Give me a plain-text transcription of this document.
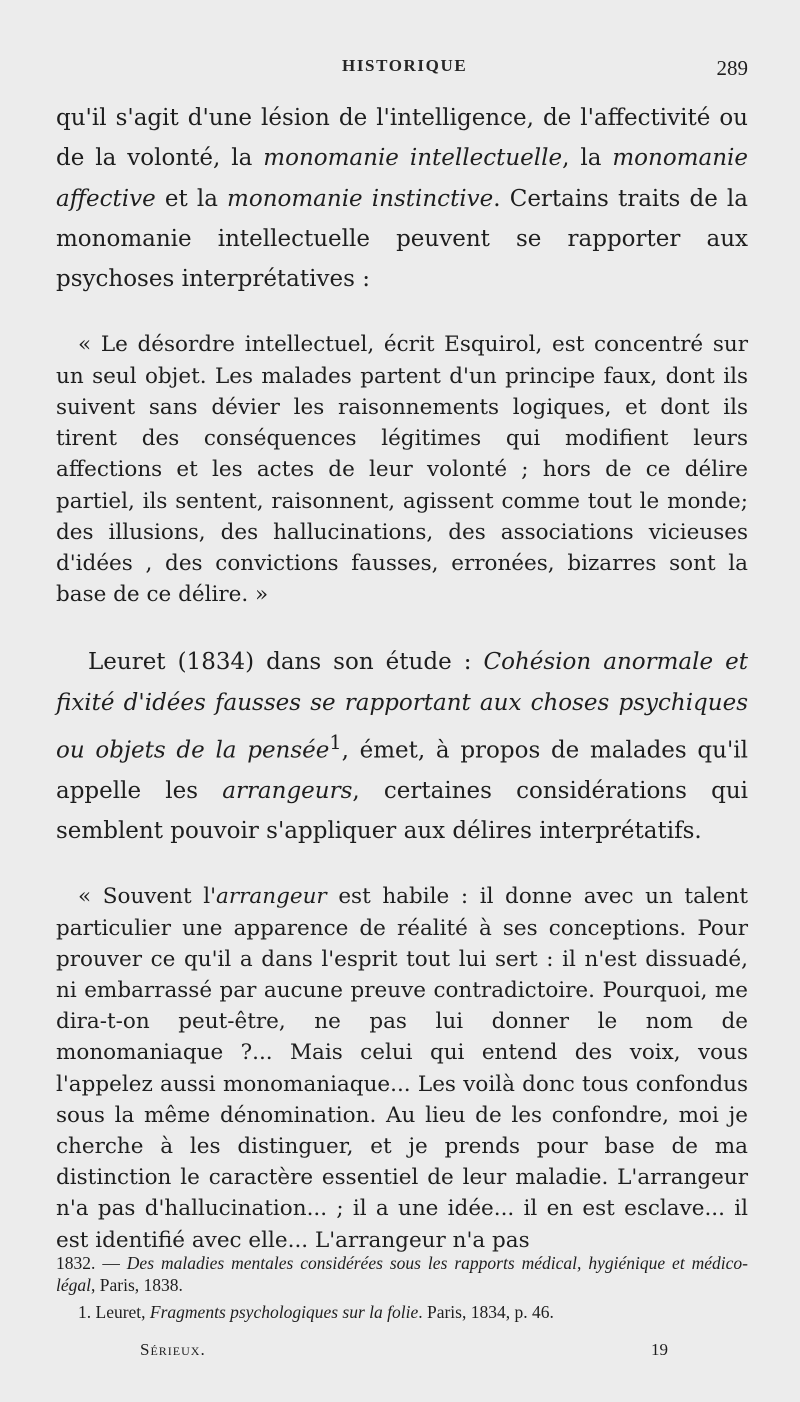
HISTORIQUE	289

qu'il s'agit d'une lésion de l'intelligence, de l'affectivité ou de la volonté, la monomanie intellectuelle, la monomanie affective et la monomanie instinctive. Certains traits de la monomanie intellectuelle peuvent se rapporter aux psychoses interprétatives :

« Le désordre intellectuel, écrit Esquirol, est concentré sur un seul objet. Les malades partent d'un principe faux, dont ils suivent sans dévier les raisonnements logiques, et dont ils tirent des conséquences légitimes qui modifient leurs affections et les actes de leur volonté ; hors de ce délire partiel, ils sentent, raisonnent, agissent comme tout le monde; des illusions, des hallucinations, des associations vicieuses d'idées , des convictions fausses, erronées, bizarres sont la base de ce délire. »

Leuret (1834) dans son étude : Cohésion anormale et fixité d'idées fausses se rapportant aux choses psychiques ou objets de la pensée$^1$, émet, à propos de malades qu'il appelle les arrangeurs, certaines considérations qui semblent pouvoir s'appliquer aux délires interprétatifs.

« Souvent l'arrangeur est habile : il donne avec un talent particulier une apparence de réalité à ses conceptions. Pour prouver ce qu'il a dans l'esprit tout lui sert : il n'est dissuadé, ni embarrassé par aucune preuve contradictoire. Pourquoi, me dira-t-on peut-être, ne pas lui donner le nom de monomaniaque ?... Mais celui qui entend des voix, vous l'appelez aussi monomaniaque... Les voilà donc tous confondus sous la même dénomination. Au lieu de les confondre, moi je cherche à les distinguer, et je prends pour base de ma distinction le caractère essentiel de leur maladie. L'arrangeur n'a pas d'hallucination... ; il a une idée... il en est esclave... il est identifié avec elle... L'arrangeur n'a pas

1832. — Des maladies mentales considérées sous les rapports médical, hygiénique et médico-légal, Paris, 1838.

1. Leuret, Fragments psychologiques sur la folie. Paris, 1834, p. 46.

Sérieux.	19
